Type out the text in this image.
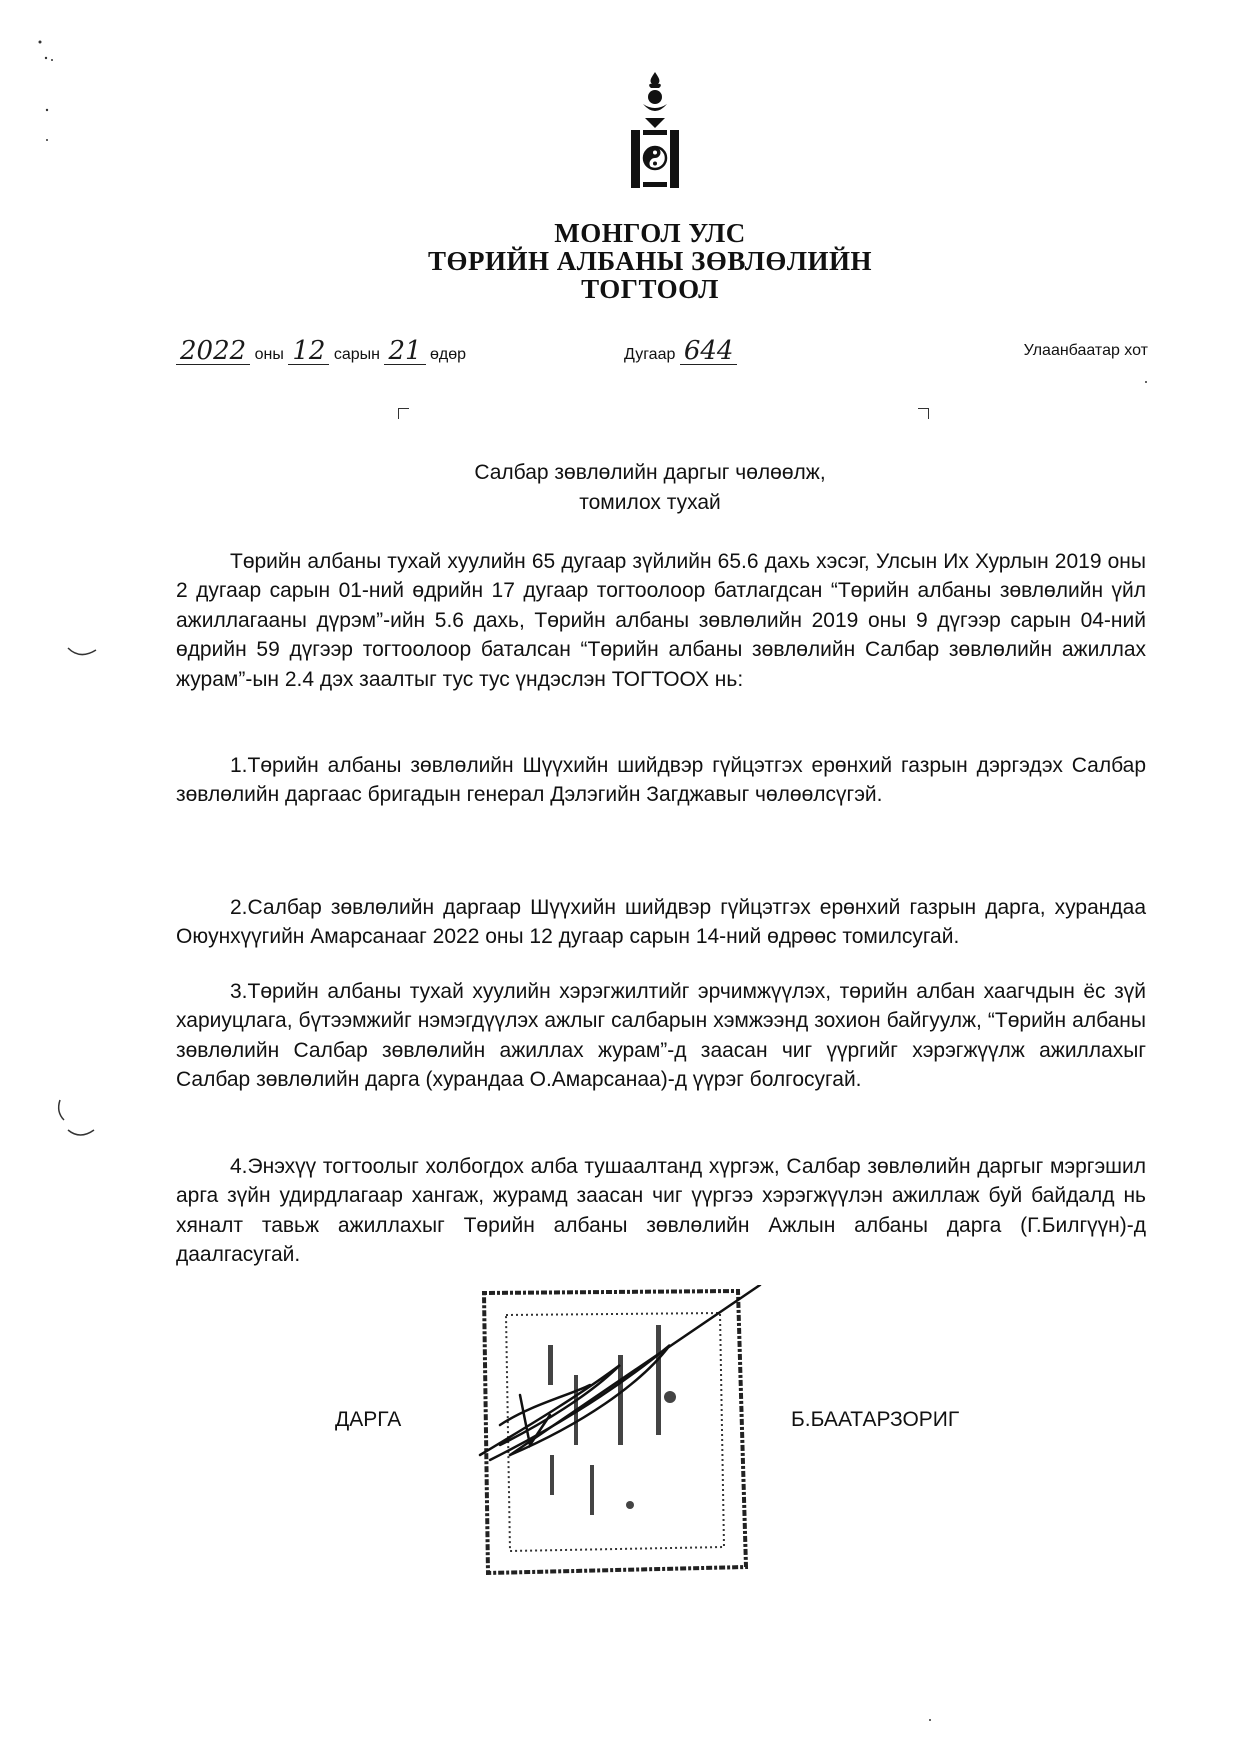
МОНГОЛ УЛС
ТӨРИЙН АЛБАНЫ ЗӨВЛӨЛИЙН
ТОГТООЛ
2022 оны 12 сарын 21 өдөр	Дугаар 644	Улаанбаатар хот
Салбар зөвлөлийн даргыг чөлөөлж,
томилох тухай
Төрийн албаны тухай хуулийн 65 дугаар зүйлийн 65.6 дахь хэсэг, Улсын Их Хурлын 2019 оны 2 дугаар сарын 01-ний өдрийн 17 дугаар тогтоолоор батлагдсан “Төрийн албаны зөвлөлийн үйл ажиллагааны дүрэм”-ийн 5.6 дахь, Төрийн албаны зөвлөлийн 2019 оны 9 дүгээр сарын 04-ний өдрийн 59 дүгээр тогтоолоор баталсан “Төрийн албаны зөвлөлийн Салбар зөвлөлийн ажиллах журам”-ын 2.4 дэх заалтыг тус тус үндэслэн ТОГТООХ нь:
1.Төрийн албаны зөвлөлийн Шүүхийн шийдвэр гүйцэтгэх ерөнхий газрын дэргэдэх Салбар зөвлөлийн даргаас бригадын генерал Дэлэгийн Загджавыг чөлөөлсүгэй.
2.Салбар зөвлөлийн даргаар Шүүхийн шийдвэр гүйцэтгэх ерөнхий газрын дарга, хурандаа Оюунхүүгийн Амарсанааг 2022 оны 12 дугаар сарын 14-ний өдрөөс томилсугай.
3.Төрийн албаны тухай хуулийн хэрэгжилтийг эрчимжүүлэх, төрийн албан хаагчдын ёс зүй хариуцлага, бүтээмжийг нэмэгдүүлэх ажлыг салбарын хэмжээнд зохион байгуулж, “Төрийн албаны зөвлөлийн Салбар зөвлөлийн ажиллах журам”-д заасан чиг үүргийг хэрэгжүүлж ажиллахыг Салбар зөвлөлийн дарга (хурандаа О.Амарсанаа)-д үүрэг болгосугай.
4.Энэхүү тогтоолыг холбогдох алба тушаалтанд хүргэж, Салбар зөвлөлийн даргыг мэргэшил арга зүйн удирдлагаар хангаж, журамд заасан чиг үүргээ хэрэгжүүлэн ажиллаж буй байдалд нь хяналт тавьж ажиллахыг Төрийн албаны зөвлөлийн Ажлын албаны дарга (Г.Билгүүн)-д даалгасугай.
ДАРГА	Б.БААТАРЗОРИГ
